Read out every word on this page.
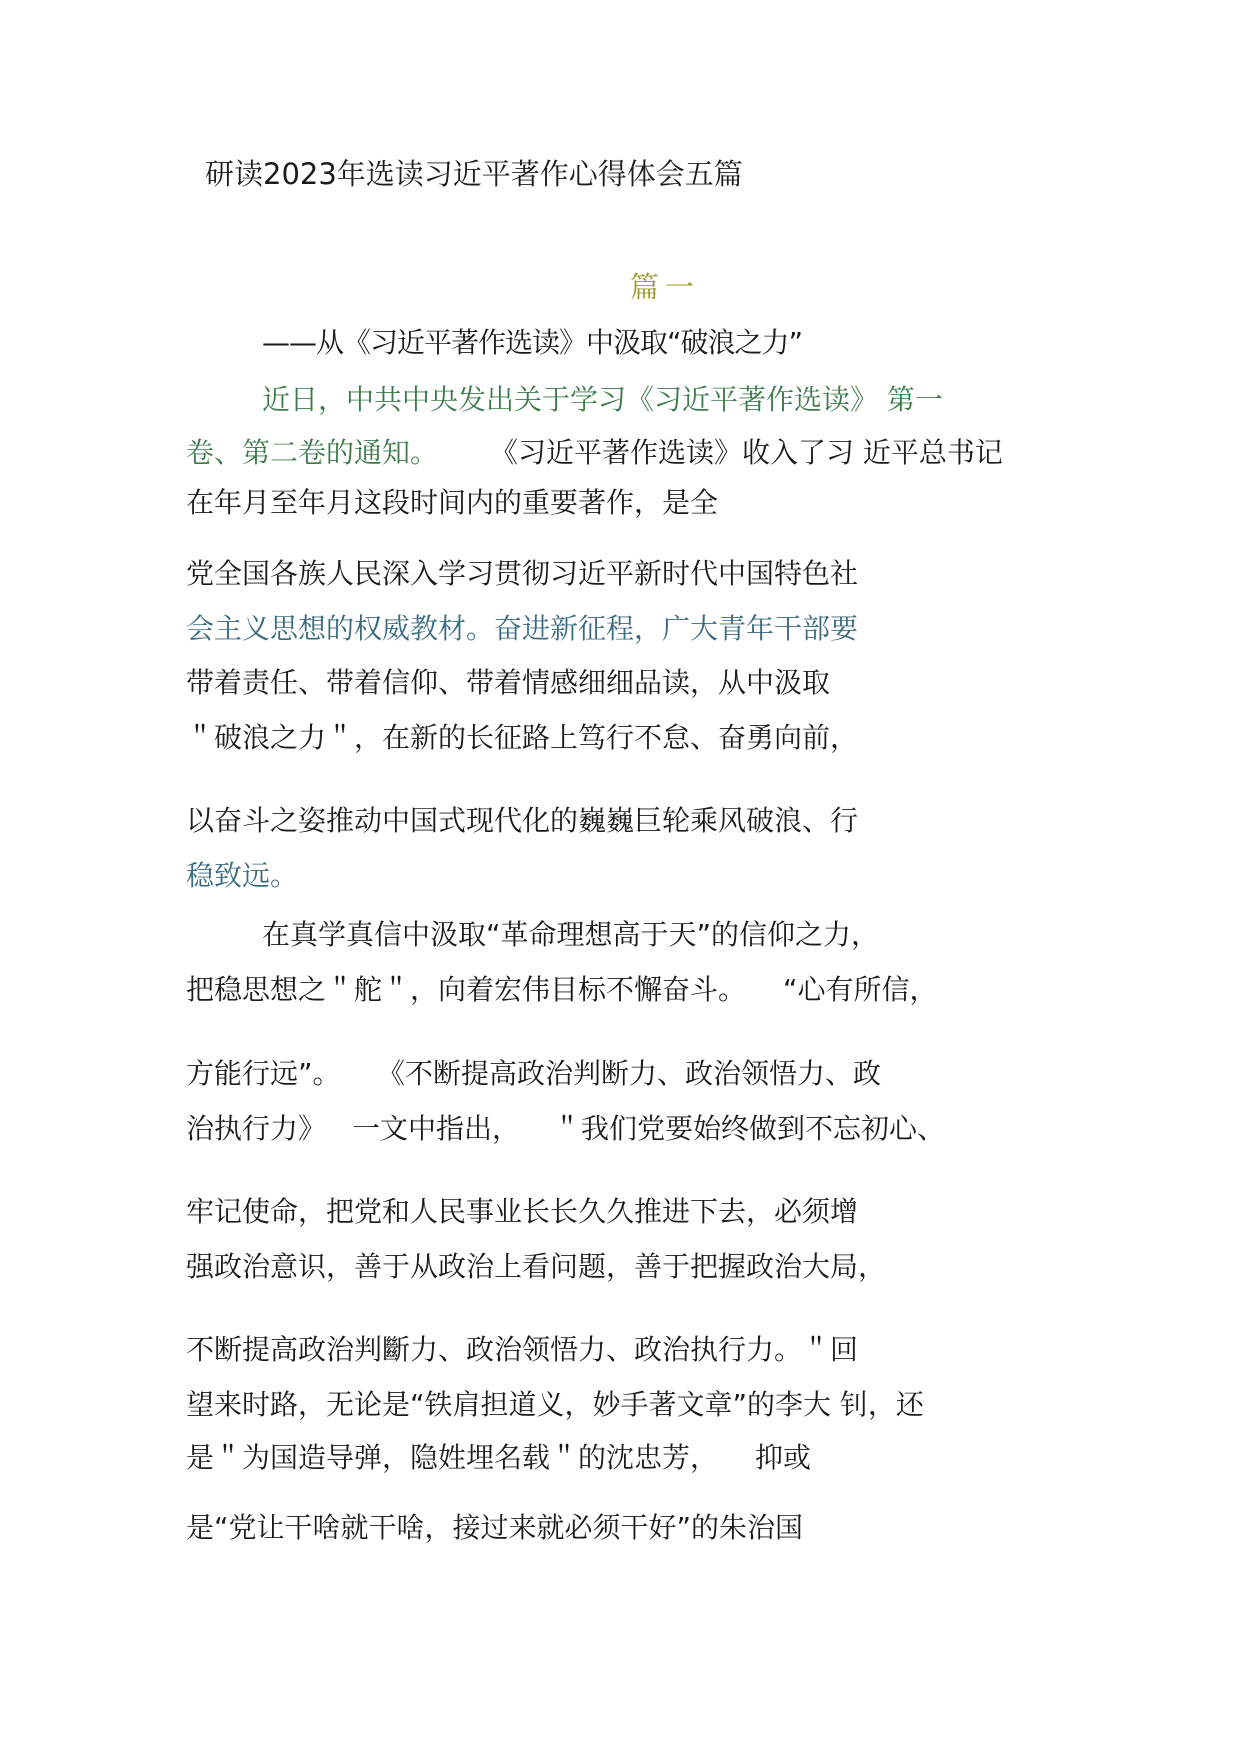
研读2023年选读习近平著作心得体会五篇
篇一
——从《习近平著作选读》中汲取“破浪之力”
近日，中共中央发出关于学习《习近平著作选读》 第一
卷、第二卷的通知。 《习近平著作选读》收入了习 近平总书记
在年月至年月这段时间内的重要著作，是全
党全国各族人民深入学习贯彻习近平新时代中国特色社
会主义思想的权威教材。奋进新征程，广大青年干部要
带着责任、带着信仰、带着情感细细品读，从中汲取
＂破浪之力＂，在新的长征路上笃行不怠、奋勇向前，
以奋斗之姿推动中国式现代化的巍巍巨轮乘风破浪、行
稳致远。
在真学真信中汲取“革命理想高于天”的信仰之力，
把稳思想之＂舵＂，向着宏伟目标不懈奋斗。 “心有所信，
方能行远”。 《不断提高政治判断力、政治领悟力、政
治执行力》 一文中指出， ＂我们党要始终做到不忘初心、
牢记使命，把党和人民事业长长久久推进下去，必须增
强政治意识，善于从政治上看问题，善于把握政治大局，
不断提高政治判斷力、政治领悟力、政治执行力。＂回
望来时路，无论是“铁肩担道义，妙手著文章”的李大 钊，还
是＂为国造导弹，隐姓埋名载＂的沈忠芳， 抑或
是“党让干啥就干啥，接过来就必须干好”的朱治国
